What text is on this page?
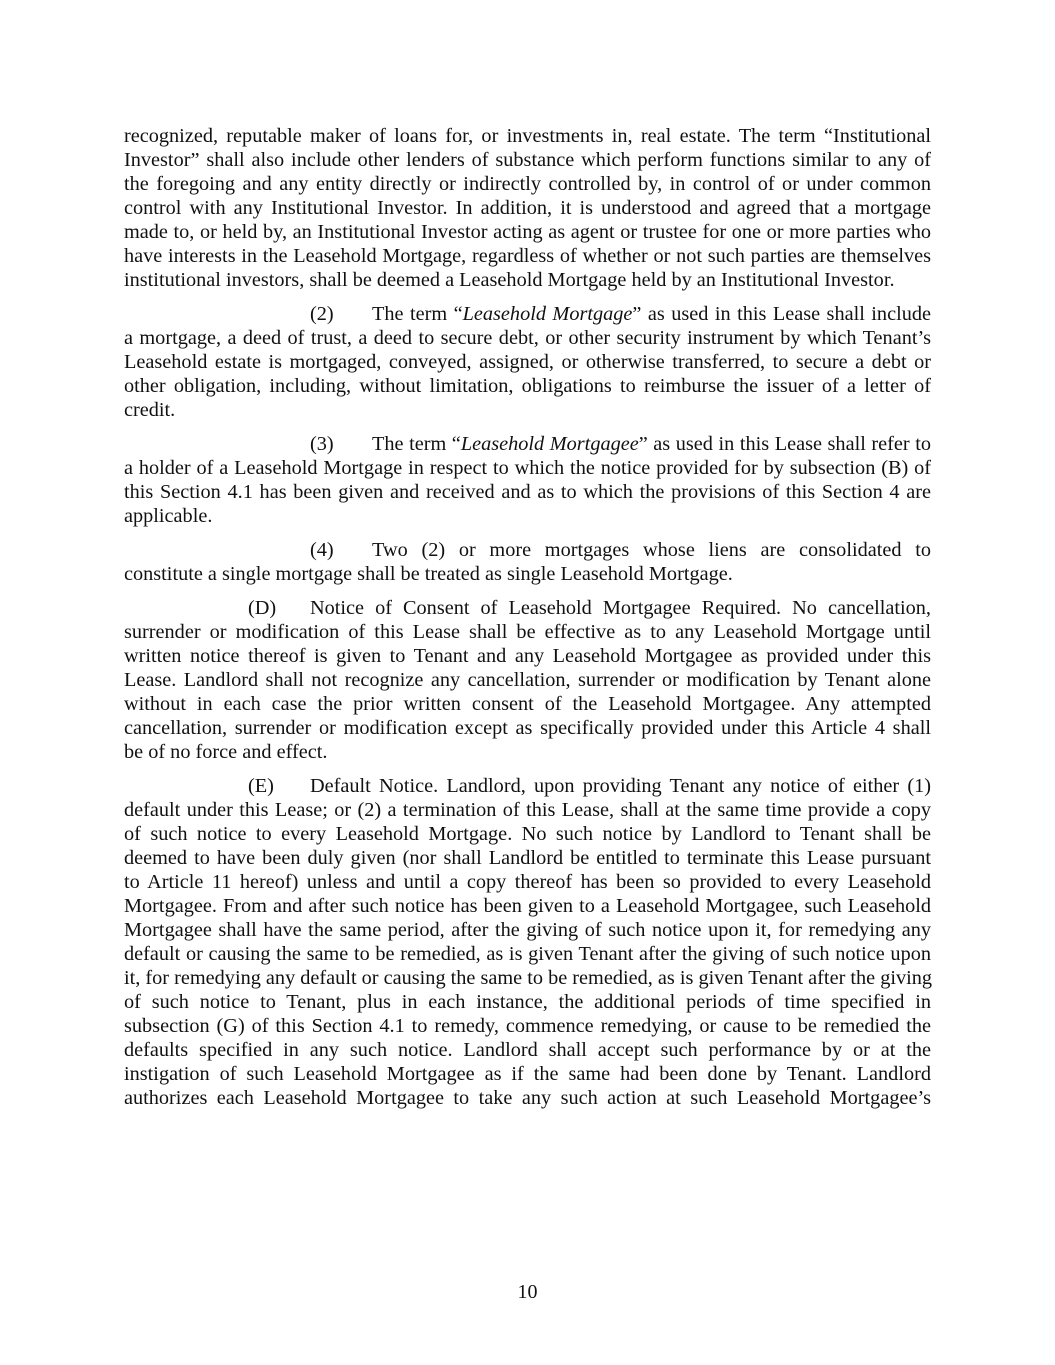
recognized, reputable maker of loans for, or investments in, real estate. The term “Institutional
Investor” shall also include other lenders of substance which perform functions similar to any of
the foregoing and any entity directly or indirectly controlled by, in control of or under common
control with any Institutional Investor. In addition, it is understood and agreed that a mortgage
made to, or held by, an Institutional Investor acting as agent or trustee for one or more parties who
have interests in the Leasehold Mortgage, regardless of whether or not such parties are themselves
institutional investors, shall be deemed a Leasehold Mortgage held by an Institutional Investor.
(2) The term “Leasehold Mortgage” as used in this Lease shall include
a mortgage, a deed of trust, a deed to secure debt, or other security instrument by which Tenant’s
Leasehold estate is mortgaged, conveyed, assigned, or otherwise transferred, to secure a debt or
other obligation, including, without limitation, obligations to reimburse the issuer of a letter of
credit.
(3) The term “Leasehold Mortgagee” as used in this Lease shall refer to
a holder of a Leasehold Mortgage in respect to which the notice provided for by subsection (B) of
this Section 4.1 has been given and received and as to which the provisions of this Section 4 are
applicable.
(4) Two (2) or more mortgages whose liens are consolidated to
constitute a single mortgage shall be treated as single Leasehold Mortgage.
(D) Notice of Consent of Leasehold Mortgagee Required. No cancellation,
surrender or modification of this Lease shall be effective as to any Leasehold Mortgage until
written notice thereof is given to Tenant and any Leasehold Mortgagee as provided under this
Lease. Landlord shall not recognize any cancellation, surrender or modification by Tenant alone
without in each case the prior written consent of the Leasehold Mortgagee. Any attempted
cancellation, surrender or modification except as specifically provided under this Article 4 shall
be of no force and effect.
(E) Default Notice. Landlord, upon providing Tenant any notice of either (1)
default under this Lease; or (2) a termination of this Lease, shall at the same time provide a copy
of such notice to every Leasehold Mortgage. No such notice by Landlord to Tenant shall be
deemed to have been duly given (nor shall Landlord be entitled to terminate this Lease pursuant
to Article 11 hereof) unless and until a copy thereof has been so provided to every Leasehold
Mortgagee. From and after such notice has been given to a Leasehold Mortgagee, such Leasehold
Mortgagee shall have the same period, after the giving of such notice upon it, for remedying any
default or causing the same to be remedied, as is given Tenant after the giving of such notice upon
it, for remedying any default or causing the same to be remedied, as is given Tenant after the giving
of such notice to Tenant, plus in each instance, the additional periods of time specified in
subsection (G) of this Section 4.1 to remedy, commence remedying, or cause to be remedied the
defaults specified in any such notice. Landlord shall accept such performance by or at the
instigation of such Leasehold Mortgagee as if the same had been done by Tenant. Landlord
authorizes each Leasehold Mortgagee to take any such action at such Leasehold Mortgagee’s
10
